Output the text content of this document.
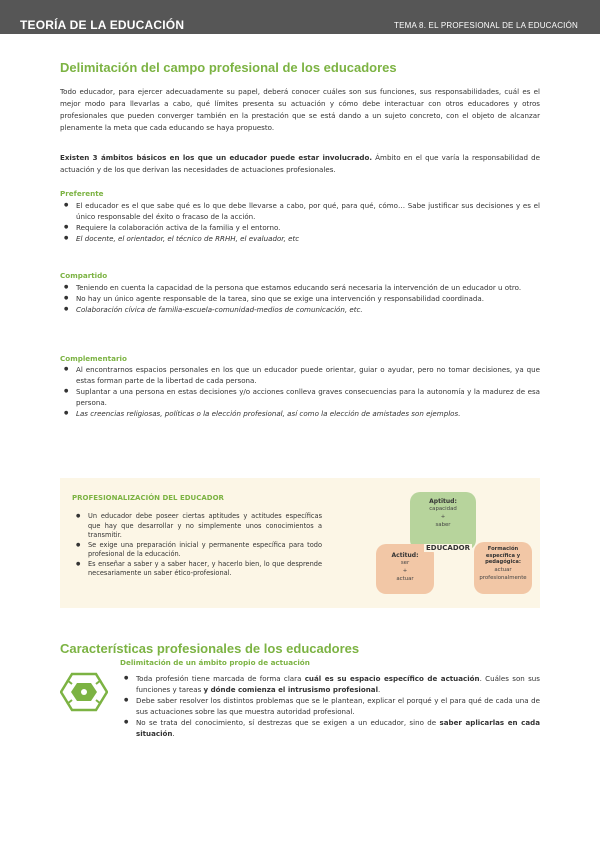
TEORÍA DE LA EDUCACIÓN	TEMA 8. EL PROFESIONAL DE LA EDUCACIÓN
Delimitación del campo profesional de los educadores
Todo educador, para ejercer adecuadamente su papel, deberá conocer cuáles son sus funciones, sus responsabilidades, cuál es el mejor modo para llevarlas a cabo, qué límites presenta su actuación y cómo debe interactuar con otros educadores y otros profesionales que pueden converger también en la prestación que se está dando a un sujeto concreto, con el objeto de alcanzar plenamente la meta que cada educando se haya propuesto.
Existen 3 ámbitos básicos en los que un educador puede estar involucrado. Ámbito en el que varía la responsabilidad de actuación y de los que derivan las necesidades de actuaciones profesionales.
Preferente
● El educador es el que sabe qué es lo que debe llevarse a cabo, por qué, para qué, cómo… Sabe justificar sus decisiones y es el único responsable del éxito o fracaso de la acción.
● Requiere la colaboración activa de la familia y el entorno.
● El docente, el orientador, el técnico de RRHH, el evaluador, etc
Compartido
● Teniendo en cuenta la capacidad de la persona que estamos educando será necesaria la intervención de un educador u otro.
● No hay un único agente responsable de la tarea, sino que se exige una intervención y responsabilidad coordinada.
● Colaboración cívica de familia-escuela-comunidad-medios de comunicación, etc.
Complementario
● Al encontrarnos espacios personales en los que un educador puede orientar, guiar o ayudar, pero no tomar decisiones, ya que estas forman parte de la libertad de cada persona.
● Suplantar a una persona en estas decisiones y/o acciones conlleva graves consecuencias para la autonomía y la madurez de esa persona.
● Las creencias religiosas, políticas o la elección profesional, así como la elección de amistades son ejemplos.
PROFESIONALIZACIÓN DEL EDUCADOR
● Un educador debe poseer ciertas aptitudes y actitudes específicas que hay que desarrollar y no simplemente unos conocimientos a transmitir.
● Se exige una preparación inicial y permanente específica para todo profesional de la educación.
● Es enseñar a saber y a saber hacer, y hacerlo bien, lo que desprende necesariamente un saber ético-profesional.
Aptitud:
capacidad
+
saber
Actitud:
ser
+
actuar
Formación específica y pedagógica:
actuar
profesionalmente
EDUCADOR
Características profesionales de los educadores
Delimitación de un ámbito propio de actuación
● Toda profesión tiene marcada de forma clara cuál es su espacio específico de actuación. Cuáles son sus funciones y tareas y dónde comienza el intrusismo profesional.
● Debe saber resolver los distintos problemas que se le plantean, explicar el porqué y el para qué de cada una de sus actuaciones sobre las que muestra autoridad profesional.
● No se trata del conocimiento, sí destrezas que se exigen a un educador, sino de saber aplicarlas en cada situación.
